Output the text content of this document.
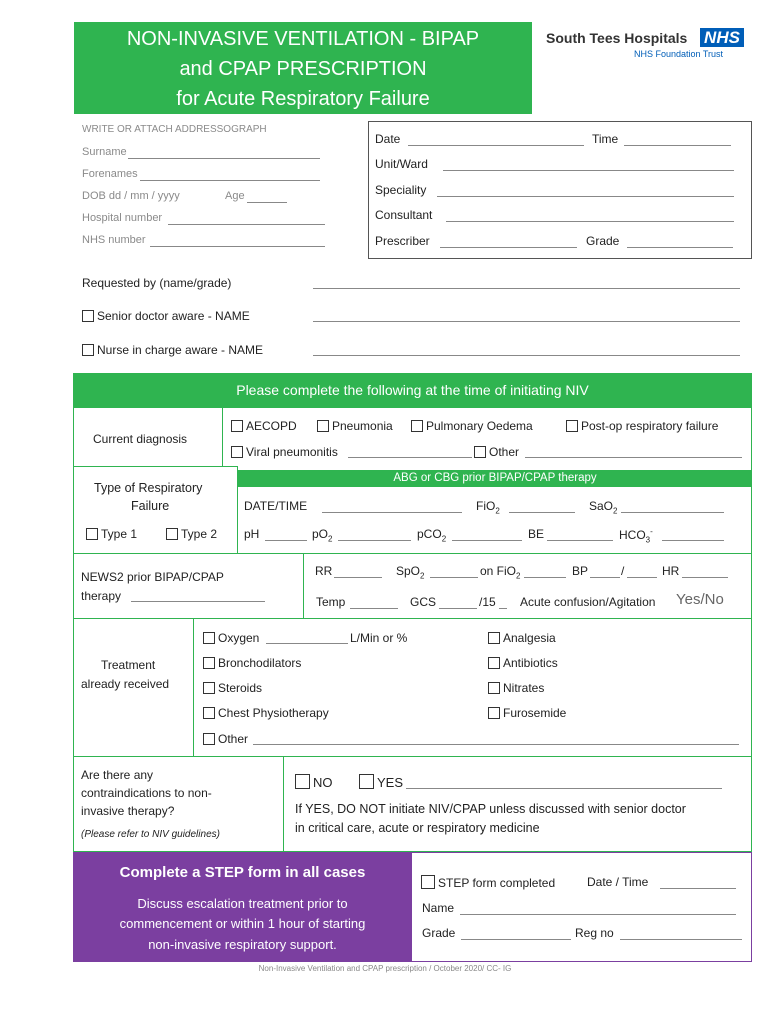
NON-INVASIVE VENTILATION - BIPAP
and CPAP PRESCRIPTION
for Acute Respiratory Failure
South Tees Hospitals NHS
NHS Foundation Trust
WRITE OR ATTACH ADDRESSOGRAPH
Surname
Forenames
DOB dd / mm / yyyy	Age
Hospital number
NHS number
Date	Time
Unit/Ward
Speciality
Consultant
Prescriber	Grade
Requested by (name/grade)
Senior doctor aware - NAME
Nurse in charge aware - NAME
Please complete the following at the time of initiating NIV
Current diagnosis
AECOPD	Pneumonia	Pulmonary Oedema	Post-op respiratory failure
Viral pneumonitis	Other
Type of Respiratory
Failure
Type 1	Type 2
ABG or CBG prior BIPAP/CPAP therapy
DATE/TIME	FiO$_2$	SaO$_2$
pH	$pO_2$	pCO$_2$	BE	$HCO_3^-$
NEWS2 prior BIPAP/CPAP
therapy
RR	SpO$_2$	on FiO$_2$	BP	/	HR
Temp	GCS	/15 Acute confusion/Agitation Yes/No
Treatment
already received
Oxygen	L/Min or %
Bronchodilators
Steroids
Chest Physiotherapy
Other
Analgesia
Antibiotics
Nitrates
Furosemide
Are there any
contraindications to non-
invasive therapy?
(Please refer to NIV guidelines)
NO	YES
If YES, DO NOT initiate NIV/CPAP unless discussed with senior doctor
in critical care, acute or respiratory medicine
Complete a STEP form in all cases
Discuss escalation treatment prior to
commencement or within 1 hour of starting
non-invasive respiratory support.
STEP form completed	Date / Time
Name
Grade	Reg no
Non-Invasive Ventilation and CPAP prescription / October 2020/ CC- IG
